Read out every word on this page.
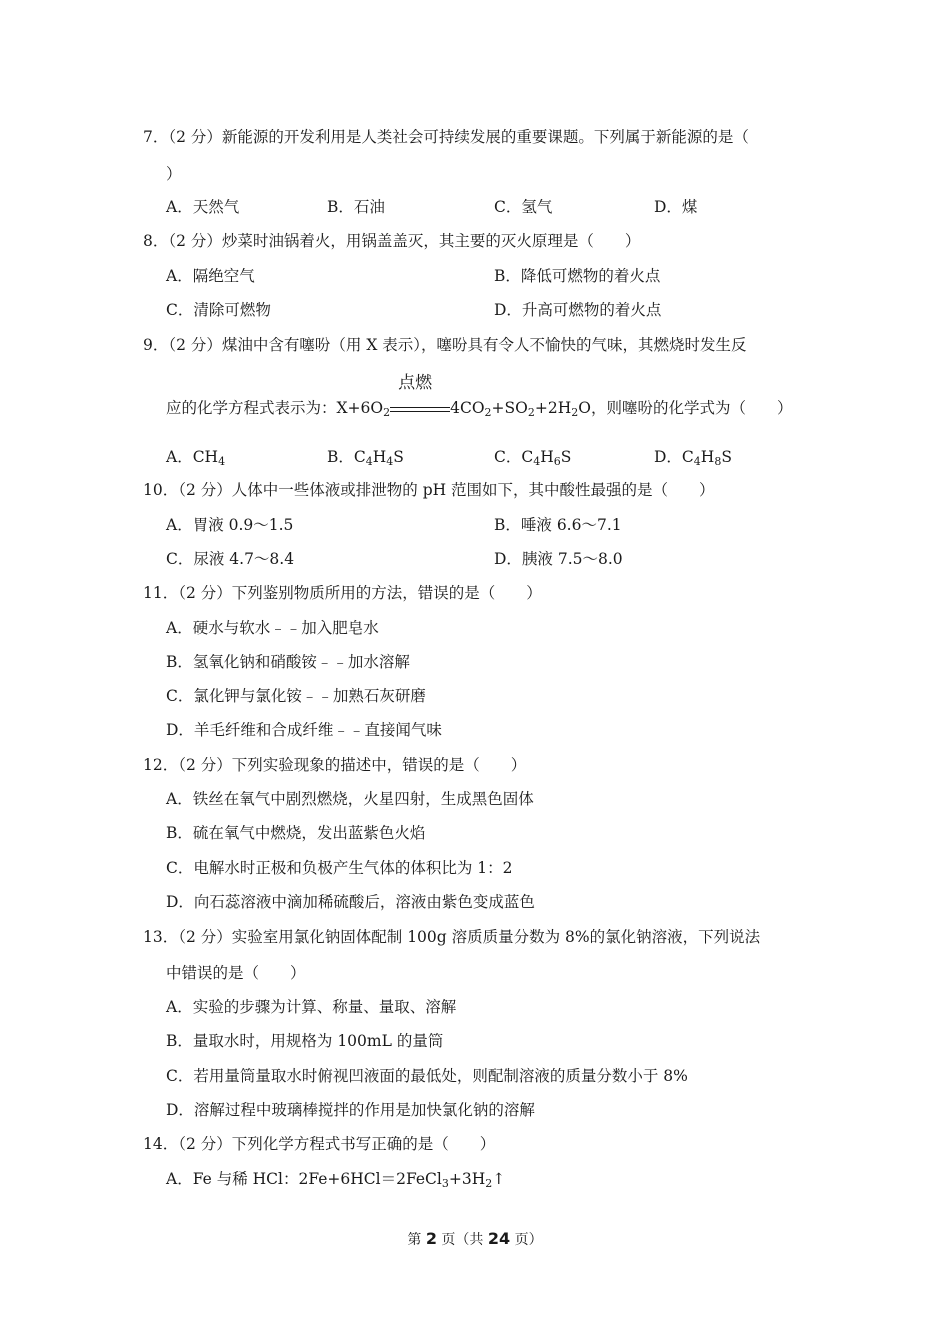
7．（2 分）新能源的开发利用是人类社会可持续发展的重要课题。下列属于新能源的是（
）
A．天然气	B．石油	C．氢气	D．煤
8．（2 分）炒菜时油锅着火，用锅盖盖灭，其主要的灭火原理是（　　）
A．隔绝空气	B．降低可燃物的着火点
C．清除可燃物	D．升高可燃物的着火点
9．（2 分）煤油中含有噻吩（用 X 表示），噻吩具有令人不愉快的气味，其燃烧时发生反
应的化学方程式表示为：$X+6O_2$
点燃
$4CO_2+SO_2+2H_2O$，则噻吩的化学式为（　　）
A．$CH_4$	B．$C_4H_4S$	C．$C_4H_6S$	D．$C_4H_8S$
10．（2 分）人体中一些体液或排泄物的 pH 范围如下，其中酸性最强的是（　　）
A．胃液 0.9～1.5	B．唾液 6.6～7.1
C．尿液 4.7～8.4	D．胰液 7.5～8.0
11．（2 分）下列鉴别物质所用的方法，错误的是（　　）
A．硬水与软水﹣﹣加入肥皂水
B．氢氧化钠和硝酸铵﹣﹣加水溶解
C．氯化钾与氯化铵﹣﹣加熟石灰研磨
D．羊毛纤维和合成纤维﹣﹣直接闻气味
12．（2 分）下列实验现象的描述中，错误的是（　　）
A．铁丝在氧气中剧烈燃烧，火星四射，生成黑色固体
B．硫在氧气中燃烧，发出蓝紫色火焰
C．电解水时正极和负极产生气体的体积比为 1：2
D．向石蕊溶液中滴加稀硫酸后，溶液由紫色变成蓝色
13．（2 分）实验室用氯化钠固体配制 100g 溶质质量分数为 8%的氯化钠溶液，下列说法
中错误的是（　　）
A．实验的步骤为计算、称量、量取、溶解
B．量取水时，用规格为 100mL 的量筒
C．若用量筒量取水时俯视凹液面的最低处，则配制溶液的质量分数小于 8%
D．溶解过程中玻璃棒搅拌的作用是加快氯化钠的溶解
14．（2 分）下列化学方程式书写正确的是（　　）
A．Fe 与稀 HCl：$2Fe+6HCl=2FeCl_3+3H_2↑$
第 2 页（共 24 页）
